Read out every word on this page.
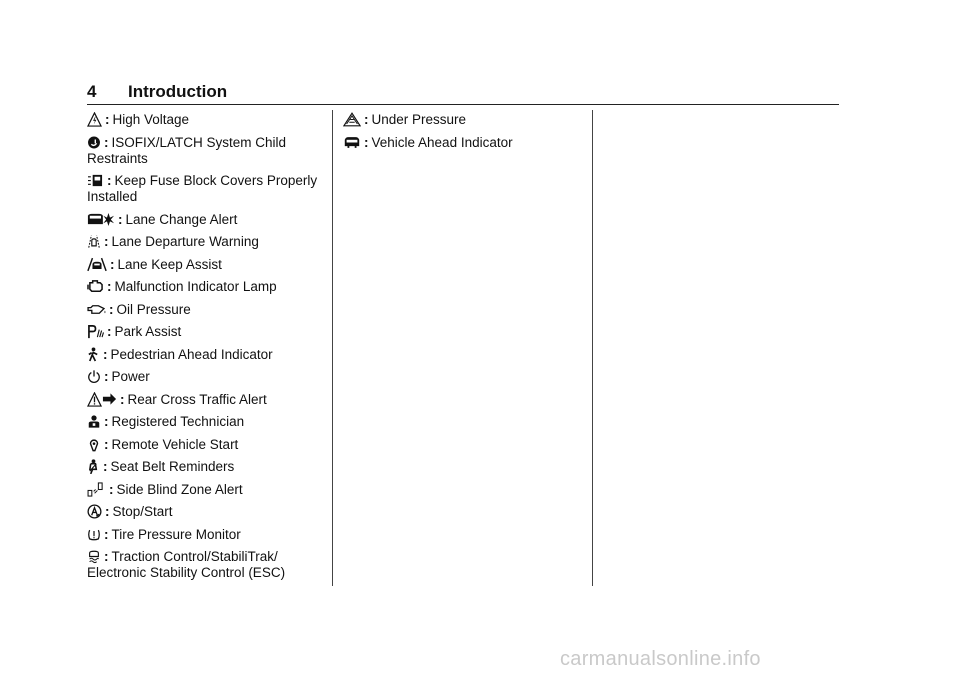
4 Introduction
: High Voltage
: ISOFIX/LATCH System Child Restraints
: Keep Fuse Block Covers Properly Installed
: Lane Change Alert
: Lane Departure Warning
: Lane Keep Assist
: Malfunction Indicator Lamp
: Oil Pressure
: Park Assist
: Pedestrian Ahead Indicator
: Power
: Rear Cross Traffic Alert
: Registered Technician
: Remote Vehicle Start
: Seat Belt Reminders
: Side Blind Zone Alert
: Stop/Start
: Tire Pressure Monitor
: Traction Control/StabiliTrak/ Electronic Stability Control (ESC)
: Under Pressure
: Vehicle Ahead Indicator
carmanualsonline.info
